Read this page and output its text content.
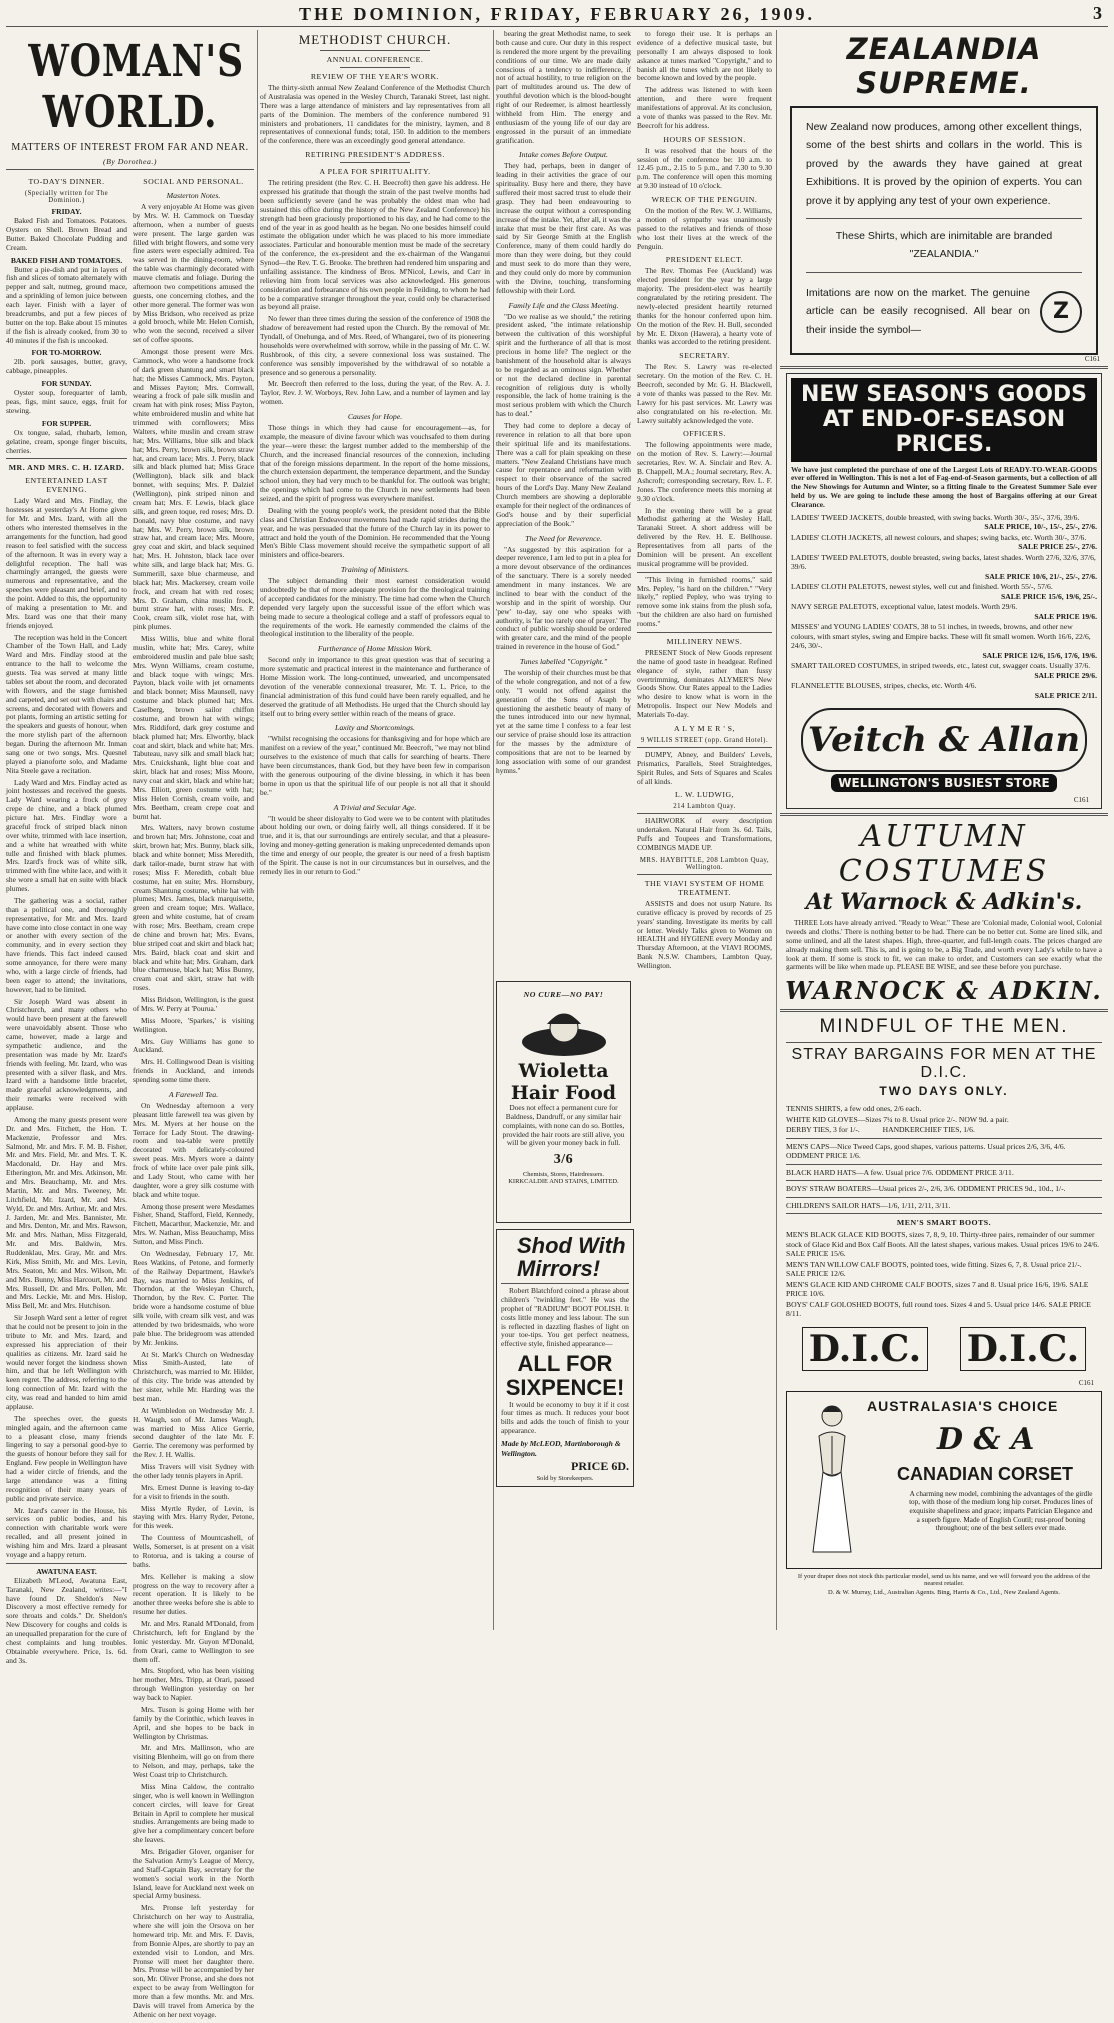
THE DOMINION, FRIDAY, FEBRUARY 26, 1909.	3
WOMAN'S WORLD.
MATTERS OF INTEREST FROM FAR AND NEAR.
(By Dorothea.)
TO-DAY'S DINNER.
(Specially written for The Dominion.)
FRIDAY.

Baked Fish and Tomatoes. Potatoes. Oysters on Shell. Brown Bread and Butter. Baked Chocolate Pudding and Cream.

BAKED FISH AND TOMATOES.

Butter a pie-dish and put in layers of fish and slices of tomato alternately with pepper and salt, nutmeg, ground mace, and a sprinkling of lemon juice between each layer. Finish with a layer of breadcrumbs, and put a few pieces of butter on the top. Bake about 15 minutes if the fish is already cooked, from 30 to 40 minutes if the fish is uncooked.

FOR TO-MORROW.

2lb. pork sausages, butter, gravy, cabbage, pineapples.

FOR SUNDAY.

Oyster soup, forequarter of lamb, peas, figs, mint sauce, eggs, fruit for stewing.

FOR SUPPER.

Ox tongue, salad, rhubarb, lemon, gelatine, cream, sponge finger biscuits, cherries.

MR. AND MRS. C. H. IZARD.
ENTERTAINED LAST EVENING.

Lady Ward and Mrs. Findlay, the hostesses at yesterday's At Home given for Mr. and Mrs. Izard, with all the others who interested themselves in the arrangements for the function, had good reason to feel satisfied with the success of the afternoon. It was in every way a delightful reception. The hall was charmingly arranged, the guests were numerous and representative, and the speeches were pleasant and brief, and to the point. Added to this, the opportunity of making a presentation to Mr. and Mrs. Izard was one that their many friends enjoyed.

The reception was held in the Concert Chamber of the Town Hall, and Lady Ward and Mrs. Findlay stood at the entrance to the hall to welcome the guests. Tea was served at many little tables set about the room, and decorated with flowers, and the stage furnished and carpeted, and set out with chairs and screens, and decorated with flowers and pot plants, forming an artistic setting for the speakers and guests of honour, when the more stylish part of the afternoon began. During the afternoon Mr. Inman sang one or two songs, Mrs. Quesnel played a pianoforte solo, and Madame Nita Steele gave a recitation.

Lady Ward and Mrs. Findlay acted as joint hostesses and received the guests. Lady Ward wearing a frock of grey crepe de chine, and a black plumed picture hat. Mrs. Findlay wore a graceful frock of striped black ninon over white, trimmed with lace insertion, and a white hat wreathed with white tulle and finished with black plumes. Mrs. Izard's frock was of white silk, trimmed with fine white lace, and with it she wore a small hat en suite with black plumes.

The gathering was a social, rather than a political one, and thoroughly representative, for Mr. and Mrs. Izard have come into close contact in one way or another with every section of the community, and in every section they have friends. This fact indeed caused some annoyance, for there were many who, with a large circle of friends, had been eager to attend; the invitations, however, had to be limited.

Sir Joseph Ward was absent in Christchurch, and many others who would have been present at the farewell were unavoidably absent. Those who came, however, made a large and sympathetic audience, and the presentation was made by Mr. Izard's friends with feeling. Mr. Izard, who was presented with a silver flask, and Mrs. Izard with a handsome little bracelet, made graceful acknowledgments, and their remarks were received with applause.

Among the many guests present were Dr. and Mrs. Fitchett, the Hon. T. Mackenzie, Professor and Mrs. Salmond, Mr. and Mrs. F. M. B. Fisher, Mr. and Mrs. Field, Mr. and Mrs. T. K. Macdonald, Dr. Hay and Mrs. Etherington, Mr. and Mrs. Atkinson, Mr. and Mrs. Beauchamp, Mr. and Mrs. Martin, Mr. and Mrs. Tweeney, Mr. Litchfield, Mr. Izard, Mr. and Mrs. Wyld, Dr. and Mrs. Arthur, Mr. and Mrs. J. Jarden, Mr. and Mrs. Bannister, Mr. and Mrs. Denton, Mr. and Mrs. Rawson, Mr. and Mrs. Nathan, Miss Fitzgerald, Mr. and Mrs. Baldwin, Mrs. Ruddenklau, Mrs. Gray, Mr. and Mrs. Kirk, Miss Smith, Mr. and Mrs. Levin, Mrs. Seaton, Mr. and Mrs. Wilson, Mr. and Mrs. Bunny, Miss Harcourt, Mr. and Mrs. Russell, Dr. and Mrs. Pollen, Mr. and Mrs. Leckie, Mr. and Mrs. Hislop, Miss Bell, Mr. and Mrs. Hutchison.

Sir Joseph Ward sent a letter of regret that he could not be present to join in the tribute to Mr. and Mrs. Izard, and expressed his appreciation of their qualities as citizens. Mr. Izard said he would never forget the kindness shown him, and that he left Wellington with keen regret. The address, referring to the long connection of Mr. Izard with the city, was read and handed to him amid applause.

The speeches over, the guests mingled again, and the afternoon came to a pleasant close, many friends lingering to say a personal good-bye to the guests of honour before they sail for England. Few people in Wellington have had a wider circle of friends, and the large attendance was a fitting recognition of their many years of public and private service.

Mr. Izard's career in the House, his services on public bodies, and his connection with charitable work were recalled, and all present joined in wishing him and Mrs. Izard a pleasant voyage and a happy return.

AWATUNA EAST.

Elizabeth M'Leod, Awatuna East, Taranaki, New Zealand, writes:—"I have found Dr. Sheldon's New Discovery a most effective remedy for sore throats and colds." Dr. Sheldon's New Discovery for coughs and colds is an unequalled preparation for the cure of chest complaints and lung troubles. Obtainable everywhere. Price, 1s. 6d. and 3s.

SOCIAL AND PERSONAL.
Masterton Notes.

A very enjoyable At Home was given by Mrs. W. H. Cammock on Tuesday afternoon, when a number of guests were present. The large garden was filled with bright flowers, and some very fine asters were especially admired. Tea was served in the dining-room, where the table was charmingly decorated with mauve clematis and foliage. During the afternoon two competitions amused the guests, one concerning clothes, and the other more general. The former was won by Miss Bridson, who received as prize a gold brooch, while Mr. Helen Cornish, who won the second, received a silver set of coffee spoons.

Amongst those present were Mrs. Cammock, who wore a handsome frock of dark green shantung and smart black hat; the Misses Cammock, Mrs. Payton, and Misses Payton; Mrs. Cornwall, wearing a frock of pale silk muslin and cream hat with pink roses; Miss Payton, white embroidered muslin and white hat trimmed with cornflowers; Miss Walters, white muslin and cream straw hat; Mrs. Williams, blue silk and black hat; Mrs. Perry, brown silk, brown straw hat, and cream lace; Mrs. J. Perry, black silk and black plumed hat; Miss Grace (Wellington), black silk and black bonnet, with sequins; Mrs. P. Dalziel (Wellington), pink striped ninon and cream hat; Mrs. F. Lewis, black glace silk, and green toque, red roses; Mrs. D. Donald, navy blue costume, and navy hat; Mrs. W. Perry, brown silk, brown straw hat, and cream lace; Mrs. Moore, grey coat and skirt, and black sequined hat; Mrs. H. Johnston, black lace over white silk, and large black hat; Mrs. G. Summerill, saxe blue charmeuse, and black hat; Mrs. Mackersey, cream voile frock, and cream hat with red roses; Mrs. D. Graham, china muslin frock, burnt straw hat, with roses; Mrs. P. Cook, cream silk, violet rose hat, with pink plumes.

Miss Willis, blue and white floral muslin, white hat; Mrs. Carey, white embroidered muslin and pale blue sash; Mrs. Wynn Williams, cream costume, and black toque with wings; Mrs. Payton, black voile with jet ornaments and black bonnet; Miss Maunsell, navy costume and black plumed hat; Mrs. Caselberg, brown sailor chiffon costume, and brown hat with wings; Mrs. Riddiford, dark grey costume and black plumed hat; Mrs. Elworthy, black coat and skirt, black and white hat; Mrs. Tabuteau, navy silk and small black hat; Mrs. Cruickshank, light blue coat and skirt, black hat and roses; Miss Moore, navy coat and skirt, black and white hat; Mrs. Elliott, green costume with hat; Miss Helen Cornish, cream voile, and Mrs. Beetham, cream crepe coat and burnt hat.

Mrs. Walters, navy brown costume and brown hat; Mrs. Johnstone, coat and skirt, brown hat; Mrs. Bunny, black silk, black and white bonnet; Miss Meredith, dark tailor-made, burnt straw hat with roses; Miss F. Meredith, cobalt blue costume, hat en suite; Mrs. Hornsbury, cream Shantung costume, white hat with plumes; Mrs. James, black marquisette, green and cream toque; Mrs. Wallace, green and white costume, hat of cream with rose; Mrs. Beetham, cream crepe de chine and brown hat; Mrs. Evans, blue striped coat and skirt and black hat; Mrs. Baird, black coat and skirt and black and white hat; Mrs. Graham, dark blue charmeuse, black hat; Miss Bunny, cream coat and skirt, straw hat with roses.

Miss Bridson, Wellington, is the guest of Mrs. W. Perry at 'Pourua.'

Miss Moore, 'Sparkes,' is visiting Wellington.

Mrs. Guy Williams has gone to Auckland.

Mrs. H. Collingwood Dean is visiting friends in Auckland, and intends spending some time there.

A Farewell Tea.

On Wednesday afternoon a very pleasant little farewell tea was given by Mrs. M. Myers at her house on the Terrace for Lady Stout. The drawing-room and tea-table were prettily decorated with delicately-coloured sweet peas. Mrs. Myers wore a dainty frock of white lace over pale pink silk, and Lady Stout, who came with her daughter, wore a grey silk costume with black and white toque.

Among those present were Mesdames Fisher, Shand, Stafford, Field, Kennedy, Fitchett, Macarthur, Mackenzie, Mr. and Mrs. W. Nathan, Miss Beauchamp, Miss Sutton, and Miss Pinch.

On Wednesday, February 17, Mr. Rees Watkins, of Petone, and formerly of the Railway Department, Hawke's Bay, was married to Miss Jenkins, of Thorndon, at the Wesleyan Church, Thorndon, by the Rev. C. Porter. The bride wore a handsome costume of blue silk voile, with cream silk vest, and was attended by two bridesmaids, who wore pale blue. The bridegroom was attended by Mr. Jenkins.

At St. Mark's Church on Wednesday Miss Smith-Austed, late of Christchurch, was married to Mr. Hilder, of this city. The bride was attended by her sister, while Mr. Harding was the best man.

At Wimbledon on Wednesday Mr. J. H. Waugh, son of Mr. James Waugh, was married to Miss Alice Gerrie, second daughter of the late Mr. F. Gerrie. The ceremony was performed by the Rev. J. H. Wallis.

Miss Travers will visit Sydney with the other lady tennis players in April.

Mrs. Ernest Dunne is leaving to-day for a visit to friends in the south.

Miss Myrtle Ryder, of Levin, is staying with Mrs. Harry Ryder, Petone, for this week.

The Countess of Mountcashell, of Wells, Somerset, is at present on a visit to Rotorua, and is taking a course of baths.

Mrs. Kelleher is making a slow progress on the way to recovery after a recent operation. It is likely to be another three weeks before she is able to resume her duties.

Mr. and Mrs. Ranald M'Donald, from Christchurch, left for England by the Ionic yesterday. Mr. Guyon M'Donald, from Orari, came to Wellington to see them off.

Mrs. Stopford, who has been visiting her mother, Mrs. Tripp, at Orari, passed through Wellington yesterday on her way back to Napier.

Mrs. Tuson is going Home with her family by the Corinthic, which leaves in April, and she hopes to be back in Wellington by Christmas.

Mr. and Mrs. Mallinson, who are visiting Blenheim, will go on from there to Nelson, and may, perhaps, take the West Coast trip to Christchurch.

Miss Mina Caldow, the contralto singer, who is well known in Wellington concert circles, will leave for Great Britain in April to complete her musical studies. Arrangements are being made to give her a complimentary concert before she leaves.

Mrs. Brigadier Glover, organiser for the Salvation Army's League of Mercy, and Staff-Captain Bay, secretary for the women's social work in the North Island, leave for Auckland next week on special Army business.

Mrs. Pronse left yesterday for Christchurch on her way to Australia, where she will join the Orsova on her homeward trip. Mr. and Mrs. F. Davis, from Bonnie Alpes, are shortly to pay an extended visit to London, and Mrs. Pronse will meet her daughter there. Mrs. Pronse will be accompanied by her son, Mr. Oliver Pronse, and she does not expect to be away from Wellington for more than a few months. Mr. and Mrs. Davis will travel from America by the Athenic on her next voyage.

METHODIST CHURCH.
ANNUAL CONFERENCE.
REVIEW OF THE YEAR'S WORK.

The thirty-sixth annual New Zealand Conference of the Methodist Church of Australasia was opened in the Wesley Church, Taranaki Street, last night. There was a large attendance of ministers and lay representatives from all parts of the Dominion. The members of the conference numbered 91 ministers and probationers, 11 candidates for the ministry, laymen, and 8 representatives of connexional funds; total, 150. In addition to the members of the conference, there was an exceedingly good general attendance.

RETIRING PRESIDENT'S ADDRESS.
A PLEA FOR SPIRITUALITY.

The retiring president (the Rev. C. H. Beecroft) then gave his address. He expressed his gratitude that though the strain of the past twelve months had been sufficiently severe (and he was probably the oldest man who had sustained this office during the history of the New Zealand Conference) his strength had been graciously proportioned to his day, and he had come to the end of the year in as good health as he began. No one besides himself could estimate the obligation under which he was placed to his more immediate associates. Particular and honourable mention must be made of the secretary of the conference, the ex-president and the ex-chairman of the Wanganui Synod—the Rev. T. G. Brooke. The brethren had rendered him unsparing and unfailing assistance. The kindness of Bros. M'Nicol, Lewis, and Carr in relieving him from local services was also acknowledged. His generous consideration and forbearance of his own people in Feilding, to whom he had to be a comparative stranger throughout the year, could only be characterised as beyond all praise.

No fewer than three times during the session of the conference of 1908 the shadow of bereavement had rested upon the Church. By the removal of Mr. Tyndall, of Onehunga, and of Mrs. Reed, of Whangarei, two of its pioneering households were overwhelmed with sorrow, while in the passing of Mr. C. W. Rushbrook, of this city, a severe connexional loss was sustained. The conference was sensibly impoverished by the withdrawal of so notable a presence and so generous a personality.

Mr. Beecroft then referred to the loss, during the year, of the Rev. A. J. Taylor, Rev. J. W. Worboys, Rev. John Law, and a number of laymen and lay women.

Causes for Hope.

Those things in which they had cause for encouragement—as, for example, the measure of divine favour which was vouchsafed to them during the year—were these: the largest number added to the membership of the Church, and the increased financial resources of the connexion, including that of the foreign missions department. In the report of the home missions, the church extension department, the temperance department, and the Sunday school union, they had very much to be thankful for. The outlook was bright; the openings which had come to the Church in new settlements had been seized, and the spirit of progress was everywhere manifest.

Dealing with the young people's work, the president noted that the Bible class and Christian Endeavour movements had made rapid strides during the year, and he was persuaded that the future of the Church lay in its power to attract and hold the youth of the Dominion. He recommended that the Young Men's Bible Class movement should receive the sympathetic support of all ministers and office-bearers.

Training of Ministers.

The subject demanding their most earnest consideration would undoubtedly be that of more adequate provision for the theological training of accepted candidates for the ministry. The time had come when the Church depended very largely upon the successful issue of the effort which was being made to secure a theological college and a staff of professors equal to the requirements of the work. He earnestly commended the claims of the theological institution to the liberality of the people.

Furtherance of Home Mission Work.

Second only in importance to this great question was that of securing a more systematic and practical interest in the maintenance and furtherance of Home Mission work. The long-continued, unwearied, and uncompensated devotion of the venerable connexional treasurer, Mr. T. L. Price, to the financial administration of this fund could have been rarely equalled, and he deserved the gratitude of all Methodists. He urged that the Church should lay itself out to bring every settler within reach of the means of grace.

Laxity and Shortcomings.

"Whilst recognising the occasions for thanksgiving and for hope which are manifest on a review of the year," continued Mr. Beecroft, "we may not blind ourselves to the existence of much that calls for searching of hearts. There have been circumstances, thank God, but they have been few in comparison with the generous outpouring of the divine blessing, in which it has been borne in upon us that the spiritual life of our people is not all that it should be."

A Trivial and Secular Age.

"It would be sheer disloyalty to God were we to be content with platitudes about holding our own, or doing fairly well, all things considered. If it be true, and it is, that our surroundings are entirely secular, and that a pleasure-loving and money-getting generation is making unprecedented demands upon the time and energy of our people, the greater is our need of a fresh baptism of the Spirit. The cause is not in our circumstances but in ourselves, and the remedy lies in our return to God."

bearing the great Methodist name, to seek both cause and cure. Our duty in this respect is rendered the more urgent by the prevailing conditions of our time. We are made daily conscious of a tendency to indifference, if not of actual hostility, to true religion on the part of multitudes around us. The dew of youthful devotion which is the blood-bought right of our Redeemer, is almost heartlessly withheld from Him. The energy and enthusiasm of the young life of our day are engrossed in the pursuit of an immediate gratification.

Intake comes Before Output.

They had, perhaps, been in danger of leading in their activities the grace of our spirituality. Busy here and there, they have suffered their most sacred trust to elude their grasp. They had been endeavouring to increase the output without a corresponding increase of the intake. Yet, after all, it was the intake that must be their first care. As was said by Sir George Smith at the English Conference, many of them could hardly do more than they were doing, but they could and must seek to do more than they were, and they could only do more by communion with the Divine, touching, transforming fellowship with their Lord.

Family Life and the Class Meeting.

"Do we realise as we should," the retiring president asked, "the intimate relationship between the cultivation of this worshipful spirit and the furtherance of all that is most precious in home life? The neglect or the banishment of the household altar is always to be regarded as an ominous sign. Whether or not the declared decline in parental recognition of religious duty is wholly responsible, the lack of home training is the most serious problem with which the Church has to deal."

They had come to deplore a decay of reverence in relation to all that bore upon their spiritual life and its manifestations. There was a call for plain speaking on these matters. "New Zealand Christians have much cause for repentance and reformation with respect to their observance of the sacred hours of the Lord's Day. Many New Zealand Church members are showing a deplorable example for their neglect of the ordinances of God's house and by their superficial appreciation of the Book."

The Need for Reverence.

"As suggested by this aspiration for a deeper reverence, I am led to put in a plea for a more devout observance of the ordinances of the sanctuary. There is a sorely needed amendment in many instances. We are inclined to bear with the conduct of the worship and in the spirit of worship. Our 'pew' to-day, say one who speaks with authority, is 'far too rarely one of prayer.' The conduct of public worship should be ordered with greater care, and the mind of the people trained in reverence in the house of God."

Tunes labelled "Copyright."

The worship of their churches must be that of the whole congregation, and not of a few only. "I would not offend against the generation of the Sons of Asaph by questioning the aesthetic beauty of many of the tunes introduced into our new hymnal, yet at the same time I confess to a fear lest our service of praise should lose its attraction for the masses by the admixture of compositions that are not to be learned by long association with some of our grandest hymns."

to forego their use. It is perhaps an evidence of a defective musical taste, but personally I am always disposed to look askance at tunes marked "Copyright," and to banish all the tunes which are not likely to become known and loved by the people.

The address was listened to with keen attention, and there were frequent manifestations of approval. At its conclusion, a vote of thanks was passed to the Rev. Mr. Beecroft for his address.

HOURS OF SESSION.

It was resolved that the hours of the session of the conference be: 10 a.m. to 12.45 p.m., 2.15 to 5 p.m., and 7.30 to 9.30 p.m. The conference will open this morning at 9.30 instead of 10 o'clock.

WRECK OF THE PENGUIN.

On the motion of the Rev. W. J. Williams, a motion of sympathy was unanimously passed to the relatives and friends of those who lost their lives at the wreck of the Penguin.

PRESIDENT ELECT.

The Rev. Thomas Fee (Auckland) was elected president for the year by a large majority. The president-elect was heartily congratulated by the retiring president. The newly-elected president heartily returned thanks for the honour conferred upon him. On the motion of the Rev. H. Bull, seconded by Mr. E. Dixon (Hawera), a hearty vote of thanks was accorded to the retiring president.

SECRETARY.

The Rev. S. Lawry was re-elected secretary. On the motion of the Rev. C. H. Beecroft, seconded by Mr. G. H. Blackwell, a vote of thanks was passed to the Rev. Mr. Lawry for his past services. Mr. Lawry was also congratulated on his re-election. Mr. Lawry suitably acknowledged the vote.

OFFICERS.

The following appointments were made, on the motion of Rev. S. Lawry:—Journal secretaries, Rev. W. A. Sinclair and Rev. A. B. Chappell, M.A.; Journal secretary, Rev. A. Ashcroft; corresponding secretary, Rev. L. F. Jones. The conference meets this morning at 9.30 o'clock.

In the evening there will be a great Methodist gathering at the Wesley Hall, Taranaki Street. A short address will be delivered by the Rev. H. E. Bellhouse. Representatives from all parts of the Dominion will be present. An excellent musical programme will be provided.

"This living in furnished rooms," said Mrs. Pepley, "is hard on the children." "Very likely," replied Pepley, who was trying to remove some ink stains from the plush sofa, "but the children are also hard on furnished rooms."

MILLINERY NEWS.

PRESENT Stock of New Goods represent the name of good taste in headgear. Refined elegance of style, rather than fussy overtrimming, dominates ALYMER'S New Goods Show. Our Rates appeal to the Ladies who desire to know what is worn in the Metropolis. Inspect our New Models and Materials To-day.

A L Y M E R ' S,
9 WILLIS STREET (opp. Grand Hotel).

DUMPY, Abney, and Builders' Levels, Prismatics, Parallels, Steel Straightedges, Spirit Rules, and Sets of Squares and Scales of all kinds.

L. W. LUDWIG,
214 Lambton Quay.

HAIRWORK of every description undertaken. Natural Hair from 3s. 6d. Tails, Puffs and Toupees and Transformations, COMBINGS MADE UP.

MRS. HAYBITTLE, 208 Lambton Quay, Wellington.
THE VIAVI SYSTEM OF HOME TREATMENT.

ASSISTS and does not usurp Nature. Its curative efficacy is proved by records of 25 years' standing. Investigate its merits by call or letter. Weekly Talks given to Women on HEALTH and HYGIENE every Monday and Thursday Afternoon, at the VIAVI ROOMS, Bank N.S.W. Chambers, Lambton Quay, Wellington.

NO CURE—NO PAY!
Wioletta Hair Food

Does not effect a permanent cure for Baldness, Dandruff, or any similar hair complaints, with none can do so. Bottles, provided the hair roots are still alive, you will be given your money back in full.

3/6
Chemists, Stores, Hairdressers.
KIRKCALDIE AND STAINS, LIMITED.
Shod With Mirrors!

Robert Blatchford coined a phrase about children's "twinkling feet." He was the prophet of "RADIUM" BOOT POLISH. It costs little money and less labour. The sun is reflected in dazzling flashes of light on your toe-tips. You get perfect neatness, effective style, finished appearance—

ALL FOR SIXPENCE!

It would be economy to buy it if it cost four times as much. It reduces your boot bills and adds the touch of finish to your appearance.

Made by McLEOD, Martinborough & Wellington.
PRICE 6D.
Sold by Storekeepers.
ZEALANDIA SUPREME.
New Zealand now produces, among other excellent things, some of the best shirts and collars in the world. This is proved by the awards they have gained at great Exhibitions. It is proved by the opinion of experts. You can prove it by applying any test of your own experience.
These Shirts, which are inimitable are branded "ZEALANDIA."
Imitations are now on the market. The genuine article can be easily recognised. All bear on their inside the symbol—
Z
C161
NEW SEASON'S GOODS AT END-OF-SEASON PRICES.

We have just completed the purchase of one of the Largest Lots of READY-TO-WEAR-GOODS ever offered in Wellington. This is not a lot of Fag-end-of-Season garments, but a collection of all the New Showings for Autumn and Winter, so a fitting finale to the Greatest Summer Sale ever held by us. We are going to include these among the host of Bargains offering at our Great Clearance.

LADIES' TWEED JACKETS, double breasted, with swing backs. Worth 30/-, 35/-, 37/6, 39/6.
SALE PRICE, 10/-, 15/-, 25/-, 27/6.
LADIES' CLOTH JACKETS, all newest colours, and shapes; swing backs, etc. Worth 30/-, 37/6.
SALE PRICE 25/-, 27/6.
LADIES' TWEED PALETOTS, double breasted, swing backs, latest shades. Worth 27/6, 32/6, 37/6, 39/6.
SALE PRICE 10/6, 21/-, 25/-, 27/6.
LADIES' CLOTH PALETOTS, newest styles, well cut and finished. Worth 55/-, 57/6.
SALE PRICE 15/6, 19/6, 25/-.
NAVY SERGE PALETOTS, exceptional value, latest models. Worth 29/6.
SALE PRICE 19/6.
MISSES' and YOUNG LADIES' COATS, 38 to 51 inches, in tweeds, browns, and other new colours, with smart styles, swing and Empire backs. These will fit small women. Worth 16/6, 22/6, 24/6, 30/-.
SALE PRICE 12/6, 15/6, 17/6, 19/6.
SMART TAILORED COSTUMES, in striped tweeds, etc., latest cut, swagger coats. Usually 37/6.
SALE PRICE 29/6.
FLANNELETTE BLOUSES, stripes, checks, etc. Worth 4/6.
SALE PRICE 2/11.
Veitch & Allan
WELLINGTON'S BUSIEST STORE
C161
AUTUMN COSTUMES
At Warnock & Adkin's.

THREE Lots have already arrived. "Ready to Wear." These are 'Colonial made, Colonial wool, Colonial tweeds and cloths.' There is nothing better to be had. There can be no better cut. Some are lined silk, and some unlined, and all the latest shapes. High, three-quarter, and full-length coats. The prices charged are already making them sell. This is, and is going to be, a Big Trade, and worth every Lady's while to have a look at them. If some is stock to fit, we can make to order, and Customers can see exactly what the garments will be like when made up. PLEASE BE WISE, and see these before you purchase.

WARNOCK & ADKIN.
MINDFUL OF THE MEN.
STRAY BARGAINS FOR MEN AT THE D.I.C.
TWO DAYS ONLY.
TENNIS SHIRTS, a few odd ones, 2/6 each.
WHITE KID GLOVES—Sizes 7¼ to 8. Usual price 2/-. NOW 9d. a pair.
DERBY TIES, 3 for 1/-.            HANDKERCHIEF TIES, 1/6.
MEN'S CAPS—Nice Tweed Caps, good shapes, various patterns. Usual prices 2/6, 3/6, 4/6. ODDMENT PRICE 1/6.
BLACK HARD HATS—A few. Usual price 7/6. ODDMENT PRICE 3/11.
BOYS' STRAW BOATERS—Usual prices 2/-, 2/6, 3/6. ODDMENT PRICES 9d., 10d., 1/-.
CHILDREN'S SAILOR HATS—1/6, 1/11, 2/11, 3/11.
MEN'S SMART BOOTS.
MEN'S BLACK GLACE KID BOOTS, sizes 7, 8, 9, 10. Thirty-three pairs, remainder of our summer stock of Glace Kid and Box Calf Boots. All the latest shapes, various makes. Usual prices 19/6 to 24/6. SALE PRICE 15/6.
MEN'S TAN WILLOW CALF BOOTS, pointed toes, wide fitting. Sizes 6, 7, 8. Usual price 21/-. SALE PRICE 12/6.
MEN'S GLACE KID AND CHROME CALF BOOTS, sizes 7 and 8. Usual price 16/6, 19/6. SALE PRICE 10/6.
BOYS' CALF GOLOSHED BOOTS, full round toes. Sizes 4 and 5. Usual price 14/6. SALE PRICE 8/11.
D.I.C. D.I.C.
C161
AUSTRALASIA'S CHOICE
D & A
CANADIAN CORSET
A charming new model, combining the advantages of the girdle top, with those of the medium long hip corset. Produces lines of exquisite shapeliness and grace; imparts Patrician Elegance and a superb figure. Made of English Coutil; rust-proof boning throughout; one of the best sellers ever made.
If your draper does not stock this particular model, send us his name, and we will forward you the address of the nearest retailer.
D. & W. Murray, Ltd., Australian Agents. Bing, Harris & Co., Ltd., New Zealand Agents.
